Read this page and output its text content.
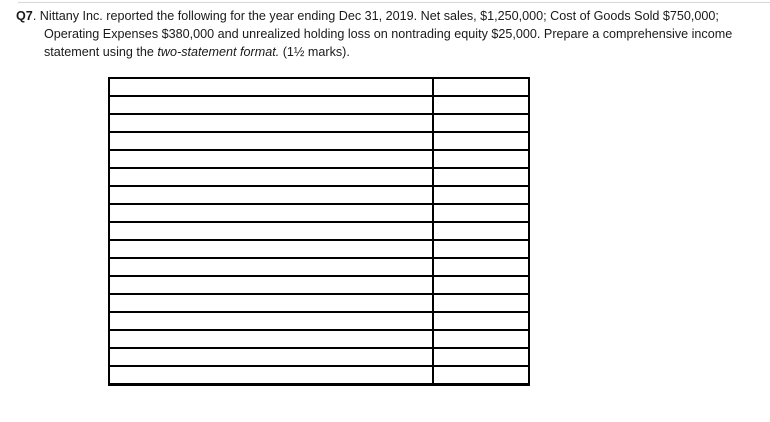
Q7. Nittany Inc. reported the following for the year ending Dec 31, 2019. Net sales, $1,250,000; Cost of Goods Sold $750,000;
Operating Expenses $380,000 and unrealized holding loss on nontrading equity $25,000. Prepare a comprehensive income
statement using the two-statement format. (1½ marks).
